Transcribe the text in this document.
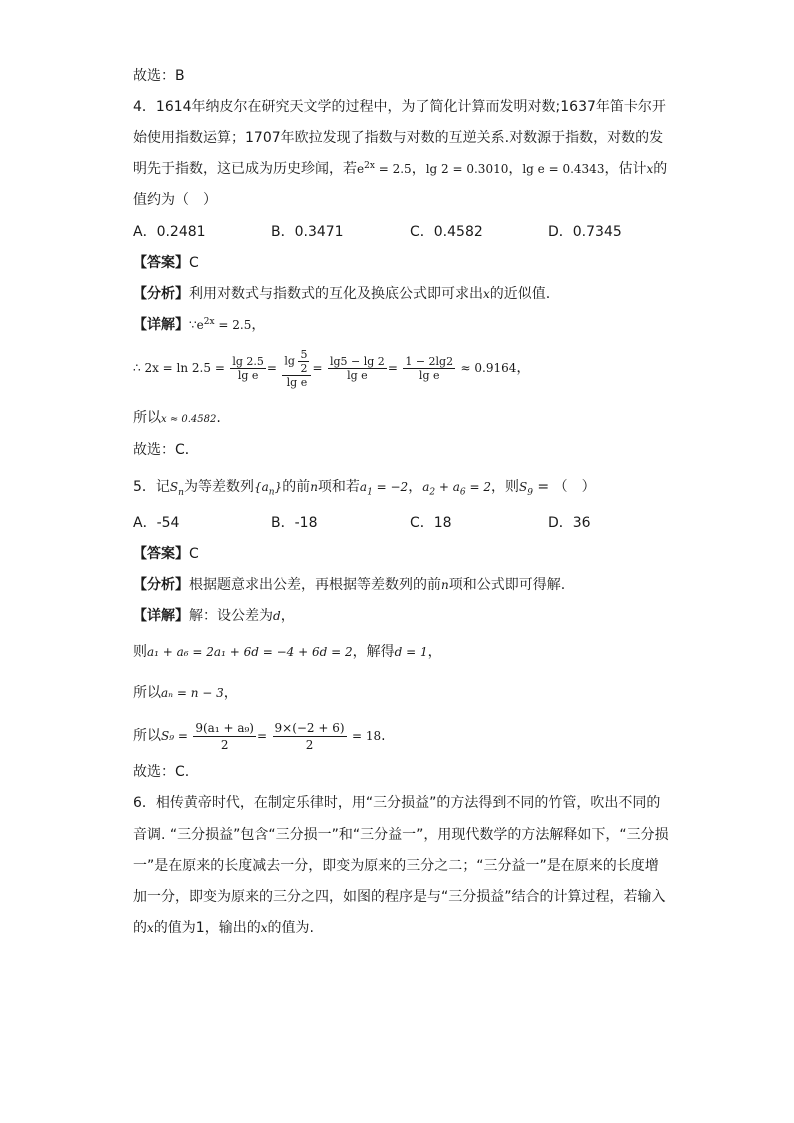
故选：B
4．1614年纳皮尔在研究天文学的过程中，为了简化计算而发明对数;1637年笛卡尔开
始使用指数运算；1707年欧拉发现了指数与对数的互逆关系.对数源于指数，对数的发
明先于指数，这已成为历史珍闻，若$e^{2x} = 2.5$，lg 2 = 0.3010，lg e = 0.4343，估计x的
值约为（　）
A．0.2481	B．0.3471	C．0.4582	D．0.7345
【答案】C
【分析】利用对数式与指数式的互化及换底公式即可求出x的近似值.
【详解】$\because e^{2x} = 2.5$，
∴ $2x = \ln 2.5 = \frac{\lg 2.5}{\text{lg e}} = \frac{\lg \frac{5}{2}}{\text{lg e}} = \frac{\lg 5 - \lg 2}{\text{lg e}} = \frac{1 - 2\lg 2}{\text{lg e}} \approx 0.9164$，
所以x ≈ 0.4582.
故选：C．
5．记$S_n$为等差数列$\{a_n\}$的前n项和若$a_1 = -2$，$a_2 + a_6 = 2$，则$S_9$ = （　）
A．-54	B．-18	C．18	D．36
【答案】C
【分析】根据题意求出公差，再根据等差数列的前n项和公式即可得解.
【详解】解：设公差为d，
则a₁ + a₆ = 2a₁ + 6d = −4 + 6d = 2，解得d = 1，
所以aₙ = n − 3，
所以$S_9 = \frac{\text{9(a₁ + a₉)}}{2} = \frac{9\times(-2 + 6)}{2} = 18$.
故选：C.
6．相传黄帝时代，在制定乐律时，用“三分损益”的方法得到不同的竹管，吹出不同的
音调. “三分损益”包含“三分损一”和“三分益一”，用现代数学的方法解释如下，“三分损
一”是在原来的长度减去一分，即变为原来的三分之二；“三分益一”是在原来的长度增
加一分，即变为原来的三分之四，如图的程序是与“三分损益”结合的计算过程，若输入
的x的值为1，输出的x的值为.
